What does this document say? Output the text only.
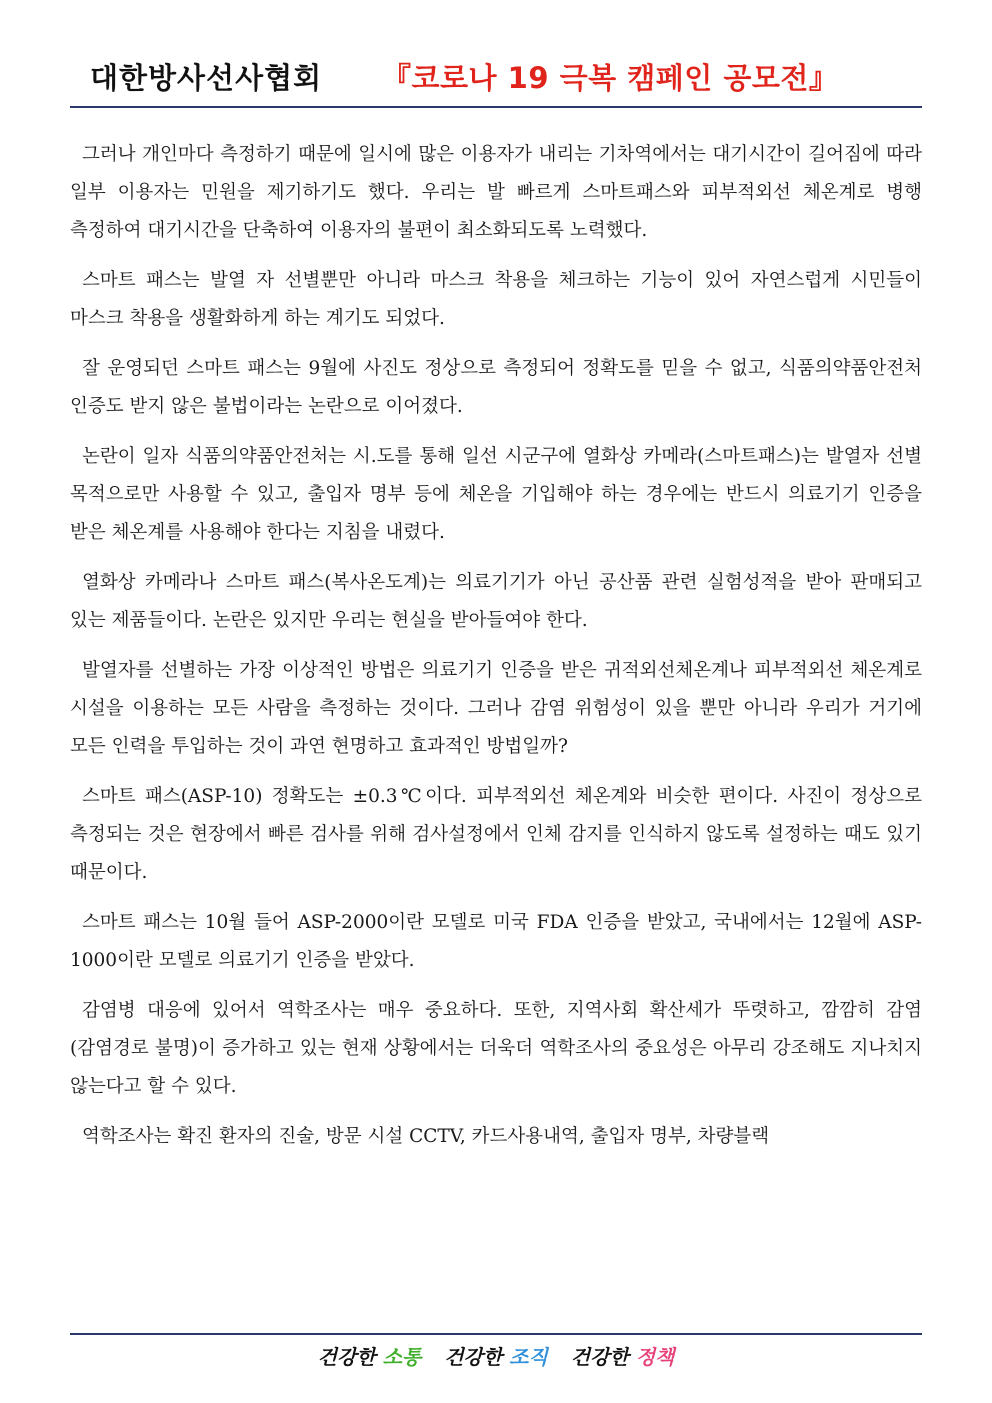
대한방사선사협회 『코로나 19 극복 캠페인 공모전』

그러나 개인마다 측정하기 때문에 일시에 많은 이용자가 내리는 기차역에서는 대기시간이 길어짐에 따라 일부 이용자는 민원을 제기하기도 했다. 우리는 발 빠르게 스마트패스와 피부적외선 체온계로 병행 측정하여 대기시간을 단축하여 이용자의 불편이 최소화되도록 노력했다.

스마트 패스는 발열 자 선별뿐만 아니라 마스크 착용을 체크하는 기능이 있어 자연스럽게 시민들이 마스크 착용을 생활화하게 하는 계기도 되었다.

잘 운영되던 스마트 패스는 9월에 사진도 정상으로 측정되어 정확도를 믿을 수 없고, 식품의약품안전처 인증도 받지 않은 불법이라는 논란으로 이어졌다.

논란이 일자 식품의약품안전처는 시.도를 통해 일선 시군구에 열화상 카메라(스마트패스)는 발열자 선별 목적으로만 사용할 수 있고, 출입자 명부 등에 체온을 기입해야 하는 경우에는 반드시 의료기기 인증을 받은 체온계를 사용해야 한다는 지침을 내렸다.

열화상 카메라나 스마트 패스(복사온도계)는 의료기기가 아닌 공산품 관련 실험성적을 받아 판매되고 있는 제품들이다. 논란은 있지만 우리는 현실을 받아들여야 한다.

발열자를 선별하는 가장 이상적인 방법은 의료기기 인증을 받은 귀적외선체온계나 피부적외선 체온계로 시설을 이용하는 모든 사람을 측정하는 것이다. 그러나 감염 위험성이 있을 뿐만 아니라 우리가 거기에 모든 인력을 투입하는 것이 과연 현명하고 효과적인 방법일까?

스마트 패스(ASP-10) 정확도는 ±0.3℃이다. 피부적외선 체온계와 비슷한 편이다. 사진이 정상으로 측정되는 것은 현장에서 빠른 검사를 위해 검사설정에서 인체 감지를 인식하지 않도록 설정하는 때도 있기 때문이다.

스마트 패스는 10월 들어 ASP-2000이란 모델로 미국 FDA 인증을 받았고, 국내에서는 12월에 ASP-1000이란 모델로 의료기기 인증을 받았다.

감염병 대응에 있어서 역학조사는 매우 중요하다. 또한, 지역사회 확산세가 뚜렷하고, 깜깜히 감염(감염경로 불명)이 증가하고 있는 현재 상황에서는 더욱더 역학조사의 중요성은 아무리 강조해도 지나치지 않는다고 할 수 있다.

역학조사는 확진 환자의 진술, 방문 시설 CCTV, 카드사용내역, 출입자 명부, 차량블랙

건강한 소통 건강한 조직 건강한 정책
